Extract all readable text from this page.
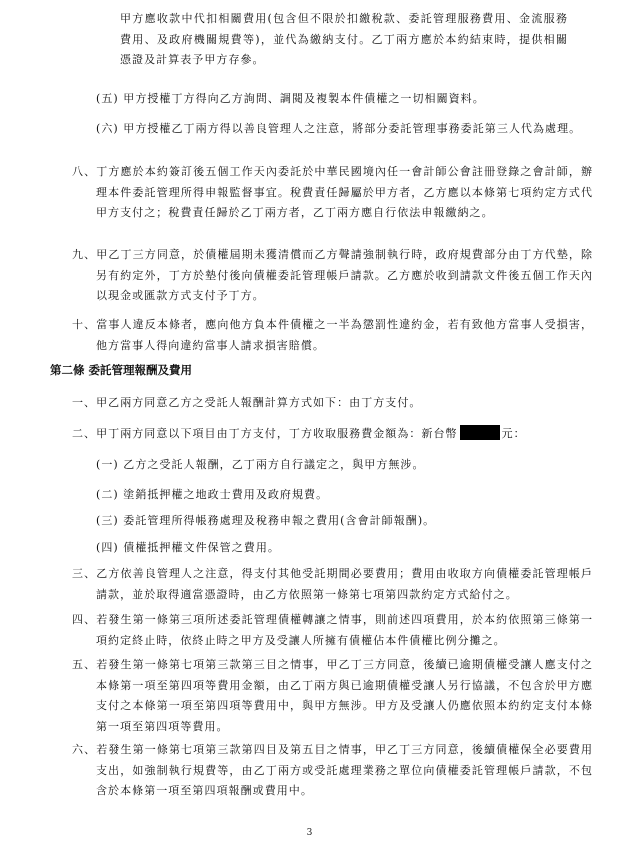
甲方應收款中代扣相關費用(包含但不限於扣繳稅款、委託管理服務費用、金流服務費用、及政府機關規費等)，並代為繳納支付。乙丁兩方應於本約結束時，提供相關憑證及計算表予甲方存參。

(五) 甲方授權丁方得向乙方詢問、調閱及複製本件債權之一切相關資料。

(六) 甲方授權乙丁兩方得以善良管理人之注意，將部分委託管理事務委託第三人代為處理。

八、丁方應於本約簽訂後五個工作天內委託於中華民國境內任一會計師公會註冊登錄之會計師，辦理本件委託管理所得申報監督事宜。稅費責任歸屬於甲方者，乙方應以本條第七項約定方式代甲方支付之；稅費責任歸於乙丁兩方者，乙丁兩方應自行依法申報繳納之。

九、甲乙丁三方同意，於債權屆期未獲清償而乙方聲請強制執行時，政府規費部分由丁方代墊，除另有約定外，丁方於墊付後向債權委託管理帳戶請款。乙方應於收到請款文件後五個工作天內以現金或匯款方式支付予丁方。

十、當事人違反本條者，應向他方負本件債權之一半為懲罰性違約金，若有致他方當事人受損害，他方當事人得向違約當事人請求損害賠償。

第二條 委託管理報酬及費用

一、甲乙兩方同意乙方之受託人報酬計算方式如下：由丁方支付。

二、甲丁兩方同意以下項目由丁方支付，丁方收取服務費金額為：新台幣	元：

(一) 乙方之受託人報酬，乙丁兩方自行議定之，與甲方無涉。

(二) 塗銷抵押權之地政士費用及政府規費。

(三) 委託管理所得帳務處理及稅務申報之費用(含會計師報酬)。

(四) 債權抵押權文件保管之費用。

三、乙方依善良管理人之注意，得支付其他受託期間必要費用；費用由收取方向債權委託管理帳戶請款，並於取得適當憑證時，由乙方依照第一條第七項第四款約定方式給付之。

四、若發生第一條第三項所述委託管理債權轉讓之情事，則前述四項費用，於本約依照第三條第一項約定終止時，依終止時之甲方及受讓人所擁有債權佔本件債權比例分攤之。

五、若發生第一條第七項第三款第三目之情事，甲乙丁三方同意，後續已逾期債權受讓人應支付之本條第一項至第四項等費用金額，由乙丁兩方與已逾期債權受讓人另行協議，不包含於甲方應支付之本條第一項至第四項等費用中，與甲方無涉。甲方及受讓人仍應依照本約約定支付本條第一項至第四項等費用。

六、若發生第一條第七項第三款第四目及第五目之情事，甲乙丁三方同意，後續債權保全必要費用支出，如強制執行規費等，由乙丁兩方或受託處理業務之單位向債權委託管理帳戶請款，不包含於本條第一項至第四項報酬或費用中。

3
